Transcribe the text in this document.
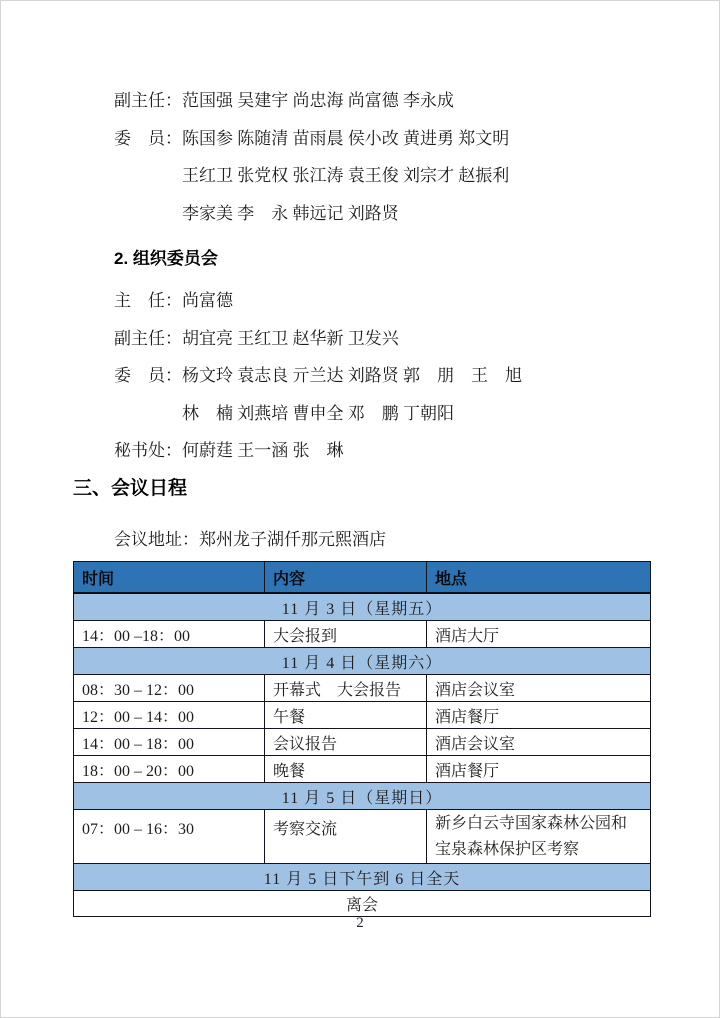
副主任：范国强 吴建宇 尚忠海 尚富德 李永成
委　员：陈国参 陈随清 苗雨晨 侯小改 黄进勇 郑文明
王红卫 张党权 张江涛 袁王俊 刘宗才 赵振利
李家美 李　永 韩远记 刘路贤
2. 组织委员会
主　任：尚富德
副主任：胡宜亮 王红卫 赵华新 卫发兴
委　员：杨文玲 袁志良 亓兰达 刘路贤 郭　朋　王　旭
林　楠 刘燕培 曹申全 邓　鹏 丁朝阳
秘书处：何蔚莛 王一涵 张　琳
三、会议日程
会议地址：郑州龙子湖仟那元熙酒店
时间	内容	地点
11 月 3 日（星期五）		
14：00 –18：00	大会报到	酒店大厅
11 月 4 日（星期六）		
08：30 – 12：00	开幕式　大会报告	酒店会议室
12：00 – 14：00	午餐	酒店餐厅
14：00 – 18：00	会议报告	酒店会议室
18：00 – 20：00	晚餐	酒店餐厅
11 月 5 日（星期日）		
07：00 – 16：30	考察交流	新乡白云寺国家森林公园和宝泉森林保护区考察
11 月 5 日下午到 6 日全天		
离会		
2
